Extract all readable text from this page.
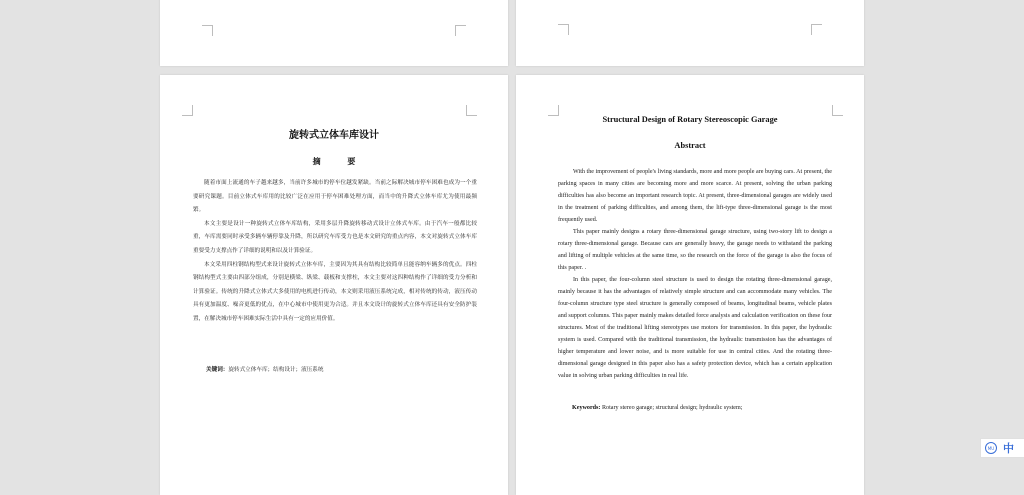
旋转式立体车库设计
摘 要

随着市面上流通的车子越来越多，当前许多城市的停车位越发紧缺。当前之际解决城市停车困难也成为一个重要研究课题。目前立体式车库用的比较广泛在应用于停车困难处理方面，而当中的升降式立体车库尤为使用最频繁。

本文主要是设计一种旋转式立体车库结构，采用多层升降旋转移动式设计立体式车库。由于汽车一般都比较重，车库需要同时承受多辆车辆停靠及升降，所以研究车库受力也是本文研究的重点内容，本文对旋转式立体车库重要受力支撑点作了详细的说明和以及计算验证。

本文采用四柱钢结构型式来设计旋转式立体车库，主要因为其具有结构比较简单且能容纳车辆多的优点。四柱钢结构型式主要由四部分组成，分别是横梁、纵梁、载板和支撑柱，本文主要对这四种结构作了详细的受力分析和计算验证。传统的升降式立体式大多使用的电机进行传动，本文则采用液压系统完成，相对传统的传动，液压传动具有更加温度、噪音更低的优点，在中心城市中使用更为合适。并且本文设计的旋转式立体车库还具有安全防护装置，在解决城市停车困难实际生活中具有一定的应用价值。

关键词：旋转式立体车库；结构设计；液压系统
Structural Design of Rotary Stereoscopic Garage
Abstract

With the improvement of people's living standards, more and more people are buying cars. At present, the parking spaces in many cities are becoming more and more scarce. At present, solving the urban parking difficulties has also become an important research topic. At present, three-dimensional garages are widely used in the treatment of parking difficulties, and among them, the lift-type three-dimensional garage is the most frequently used.

This paper mainly designs a rotary three-dimensional garage structure, using two-story lift to design a rotary three-dimensional garage. Because cars are generally heavy, the garage needs to withstand the parking and lifting of multiple vehicles at the same time, so the research on the force of the garage is also the focus of this paper. .

In this paper, the four-column steel structure is used to design the rotating three-dimensional garage, mainly because it has the advantages of relatively simple structure and can accommodate many vehicles. The four-column structure type steel structure is generally composed of beams, longitudinal beams, vehicle plates and support columns. This paper mainly makes detailed force analysis and calculation verification on these four structures. Most of the traditional lifting stereotypes use motors for transmission. In this paper, the hydraulic system is used. Compared with the traditional transmission, the hydraulic transmission has the advantages of higher temperature and lower noise, and is more suitable for use in central cities. And the rotating three-dimensional garage designed in this paper also has a safety protection device, which has a certain application value in solving urban parking difficulties in real life.

Keywords: Rotary stereo garage; structural design; hydraulic system;
MU 中
